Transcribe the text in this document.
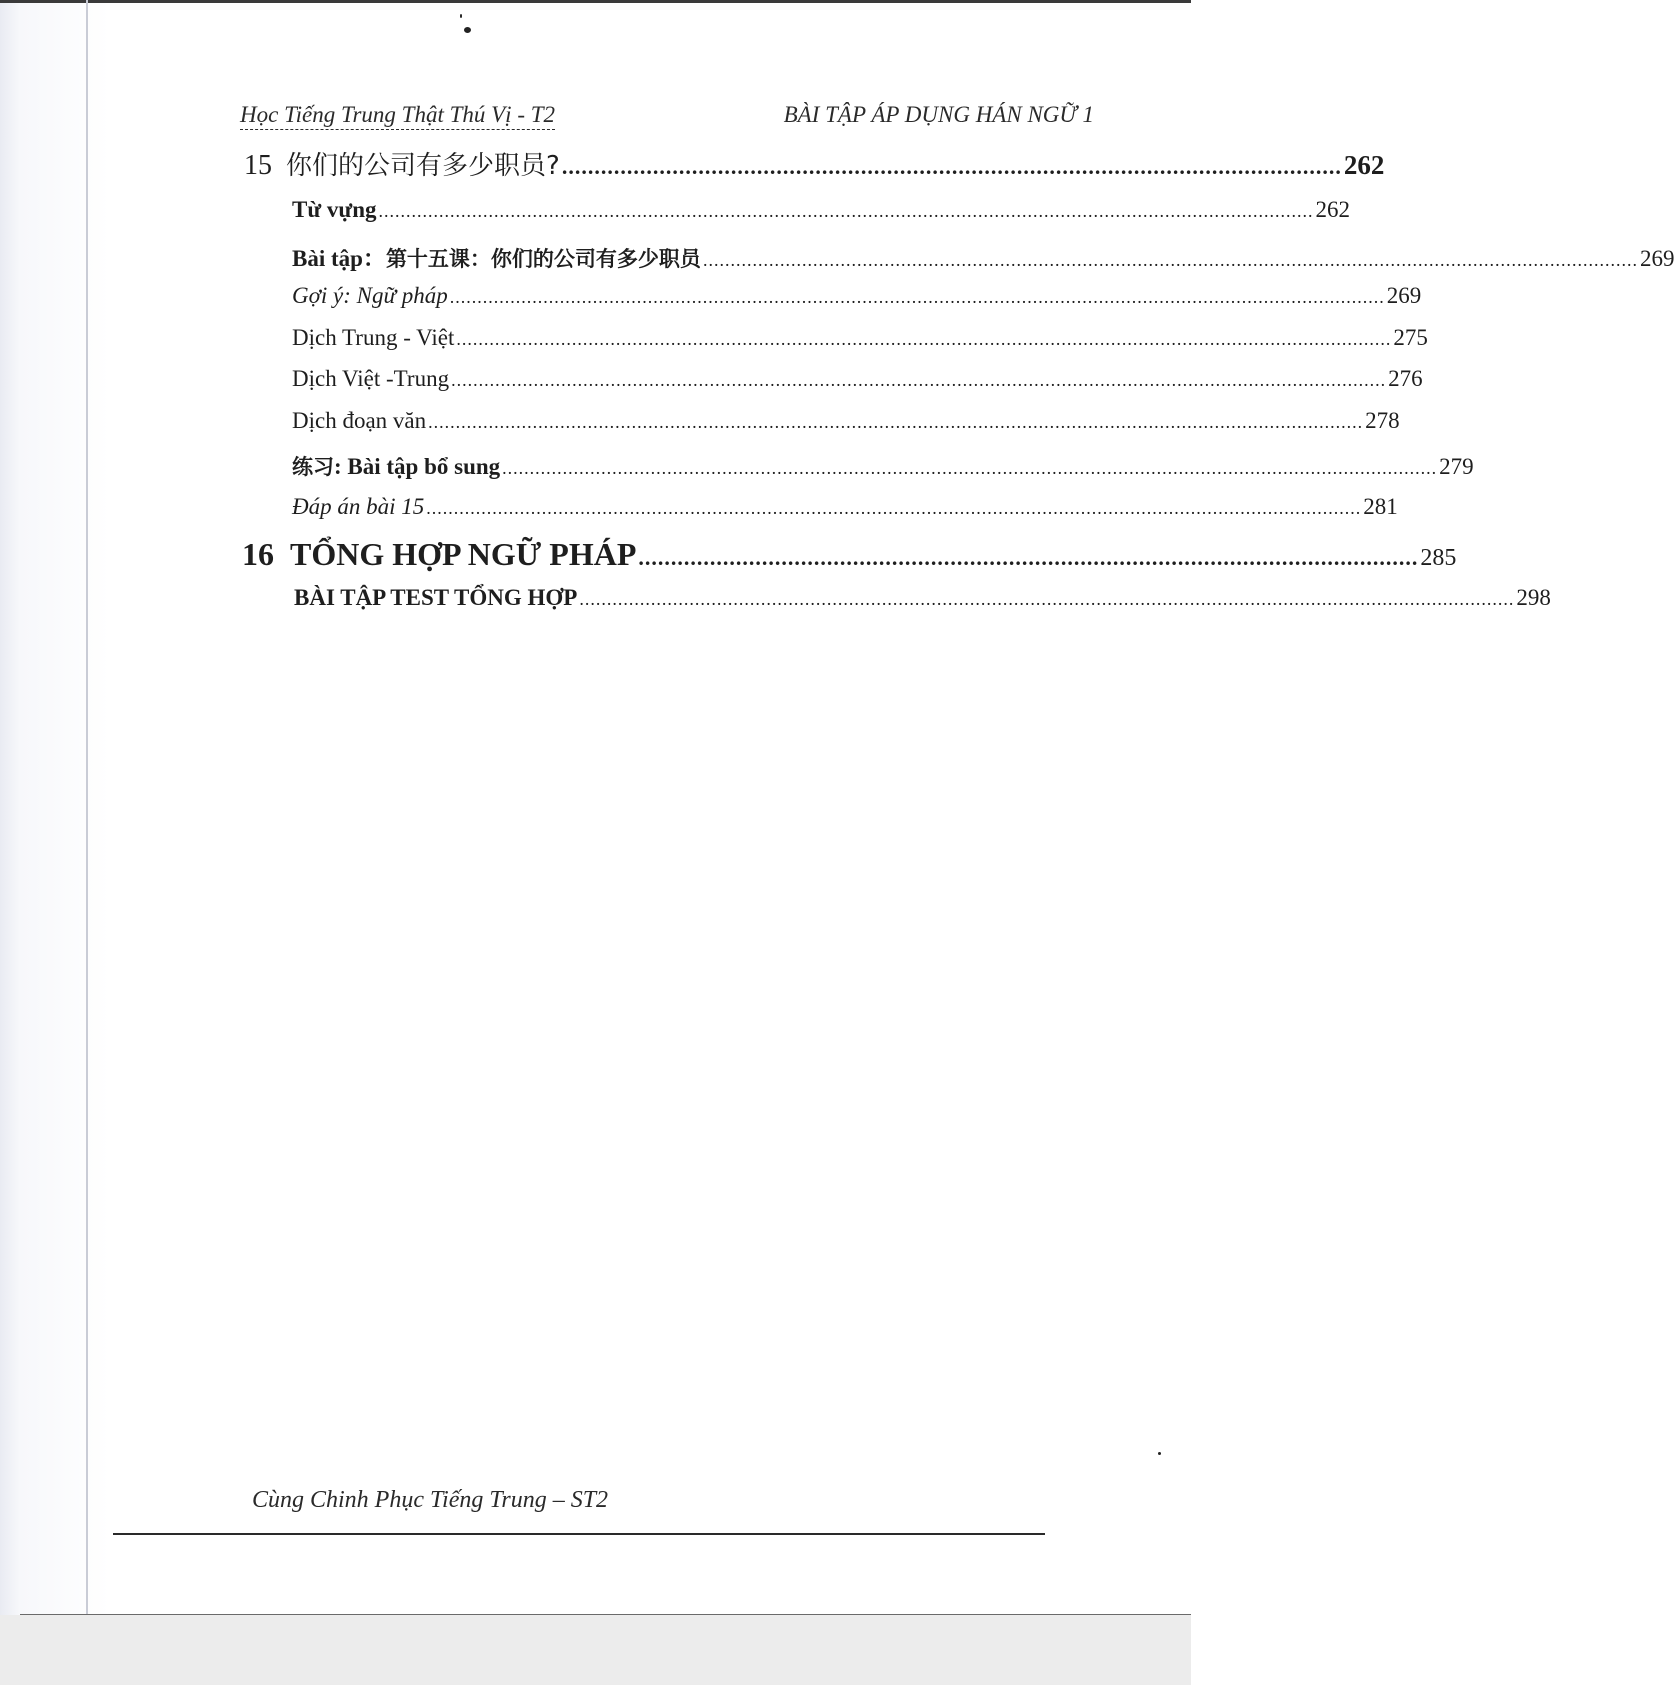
Học Tiếng Trung Thật Thú Vị - T2	BÀI TẬP ÁP DỤNG HÁN NGỮ 1
15 你们的公司有多少职员? ........................................................................................................................ 262
Từ vựng .......................................................................................................................................................................... 262
Bài tập： 第十五课：你们的公司有多少职员 .......................................................................................................................................................................... 269
Gợi ý: Ngữ pháp .......................................................................................................................................................................... 269
Dịch Trung - Việt .......................................................................................................................................................................... 275
Dịch Việt -Trung .......................................................................................................................................................................... 276
Dịch đoạn văn .......................................................................................................................................................................... 278
练习 : Bài tập bổ sung .......................................................................................................................................................................... 279
Đáp án bài 15 .......................................................................................................................................................................... 281
16 TỔNG HỢP NGỮ PHÁP ........................................................................................................................ 285
BÀI TẬP TEST TỔNG HỢP .......................................................................................................................................................................... 298
Cùng Chinh Phục Tiếng Trung – ST2
